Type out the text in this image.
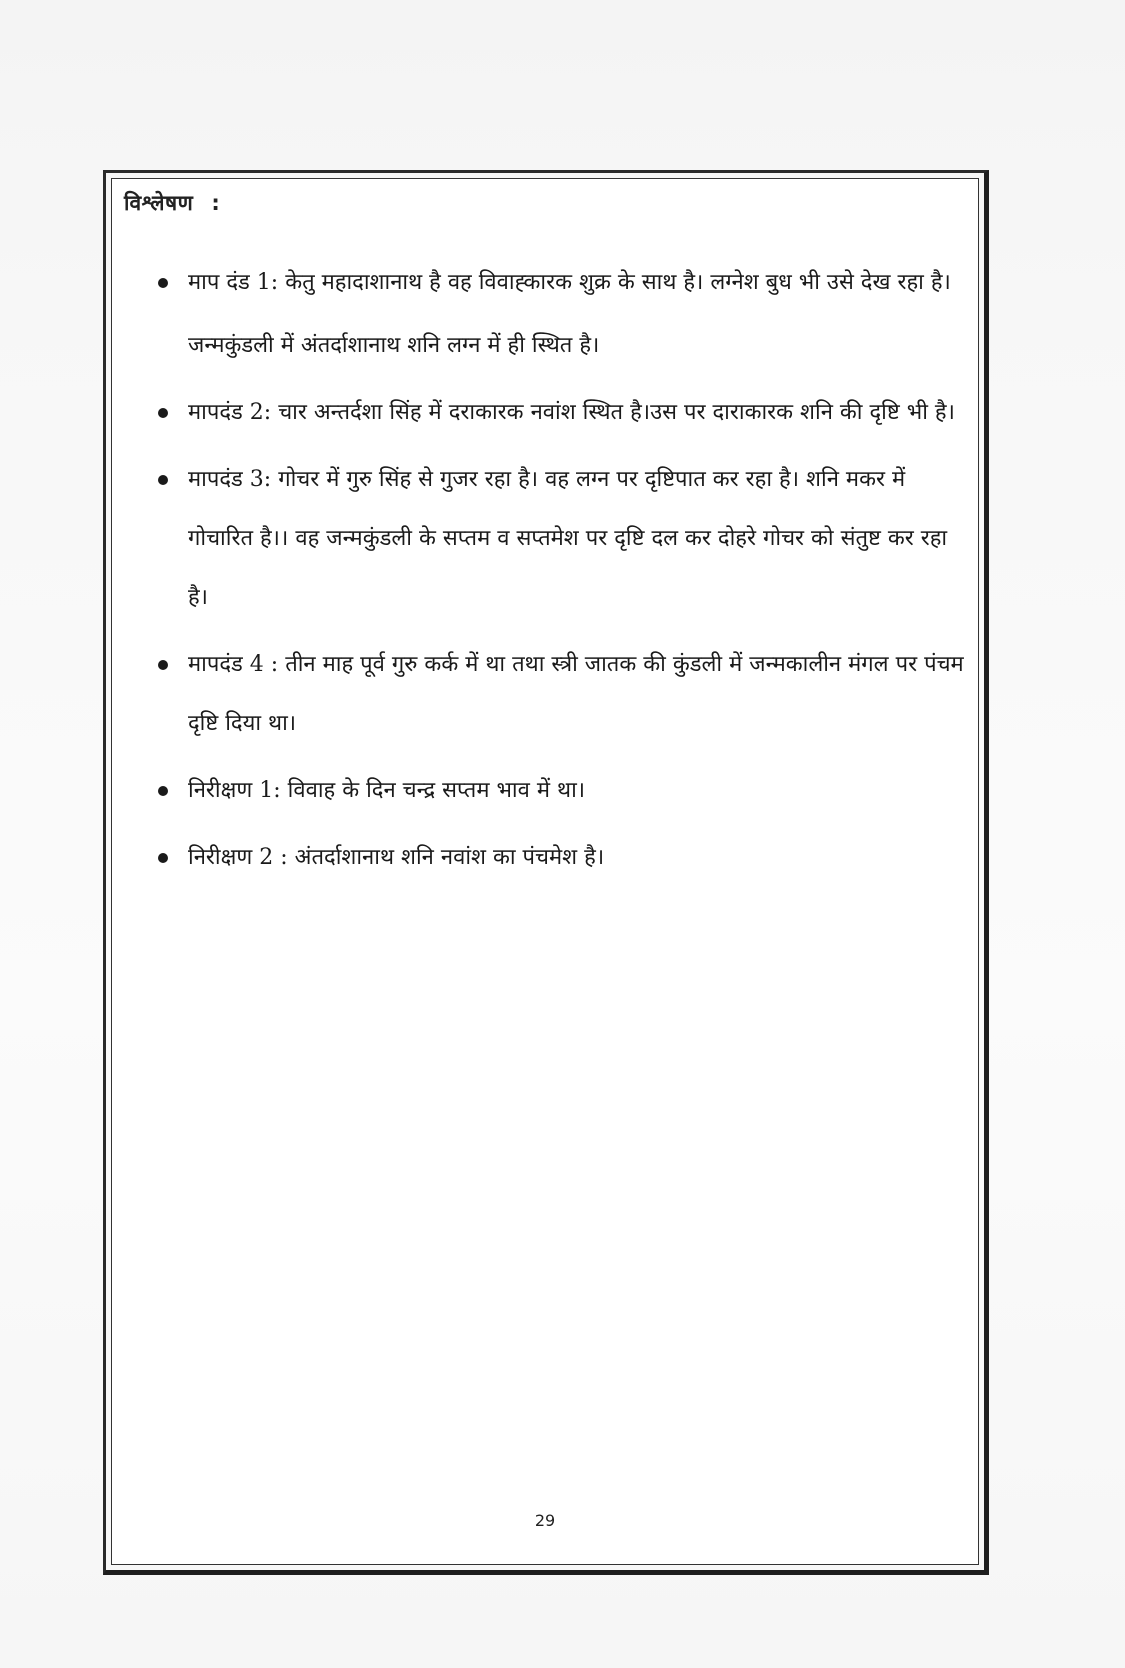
विश्लेषण :
माप दंड 1: केतु महादाशानाथ है वह विवाह्कारक शुक्र के साथ है। लग्नेश बुध भी उसे देख रहा है।
जन्मकुंडली में अंतर्दाशानाथ शनि लग्न में ही स्थित है।
मापदंड 2: चार अन्तर्दशा सिंह में दराकारक नवांश स्थित है।उस पर दाराकारक शनि की दृष्टि भी है।
मापदंड 3: गोचर में गुरु सिंह से गुजर रहा है। वह लग्न पर दृष्टिपात कर रहा है। शनि मकर में गोचारित है।। वह जन्मकुंडली के सप्तम व सप्तमेश पर दृष्टि दल कर दोहरे गोचर को संतुष्ट कर रहा है।
मापदंड 4 : तीन माह पूर्व गुरु कर्क में था तथा स्त्री जातक की कुंडली में जन्मकालीन मंगल पर पंचम दृष्टि दिया था।
निरीक्षण 1: विवाह के दिन चन्द्र सप्तम भाव में था।
निरीक्षण 2 : अंतर्दाशानाथ शनि नवांश का पंचमेश है।
29
